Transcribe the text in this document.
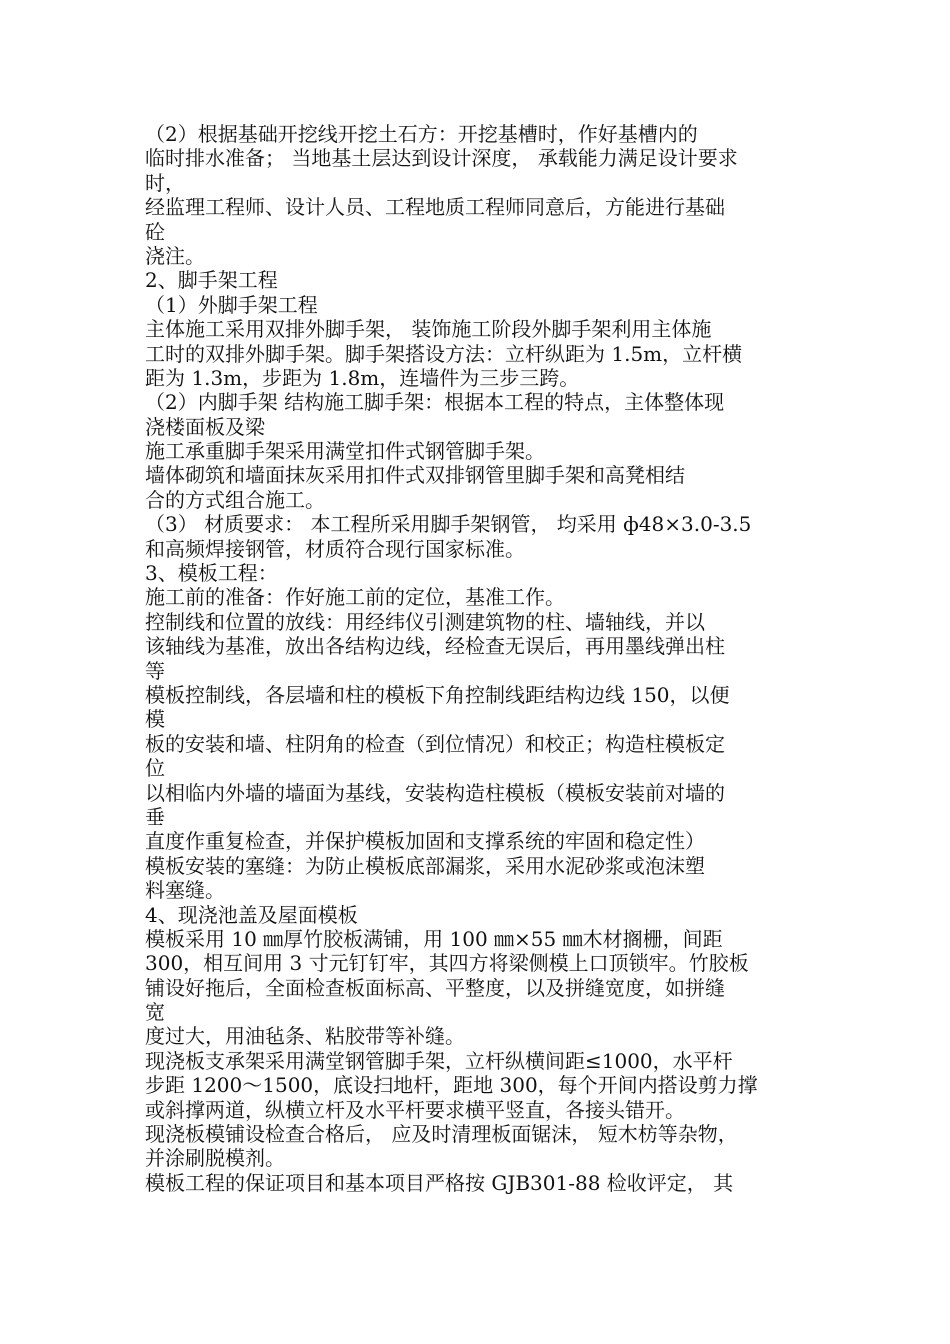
（2）根据基础开挖线开挖土石方：开挖基槽时，作好基槽内的
临时排水准备； 当地基土层达到设计深度， 承载能力满足设计要求
时，
经监理工程师、设计人员、工程地质工程师同意后，方能进行基础
砼
浇注。
2、脚手架工程
（1）外脚手架工程
主体施工采用双排外脚手架， 装饰施工阶段外脚手架利用主体施
工时的双排外脚手架。脚手架搭设方法：立杆纵距为 1.5m，立杆横
距为 1.3m，步距为 1.8m，连墙件为三步三跨。
（2）内脚手架 结构施工脚手架：根据本工程的特点，主体整体现
浇楼面板及梁
施工承重脚手架采用满堂扣件式钢管脚手架。
墙体砌筑和墙面抹灰采用扣件式双排钢管里脚手架和高凳相结
合的方式组合施工。
（3） 材质要求： 本工程所采用脚手架钢管， 均采用 ф48×3.0-3.5
和高频焊接钢管，材质符合现行国家标准。
3、模板工程：
施工前的准备：作好施工前的定位，基准工作。
控制线和位置的放线：用经纬仪引测建筑物的柱、墙轴线，并以
该轴线为基准，放出各结构边线，经检查无误后，再用墨线弹出柱
等
模板控制线，各层墙和柱的模板下角控制线距结构边线 150，以便
模
板的安装和墙、柱阴角的检查（到位情况）和校正；构造柱模板定
位
以相临内外墙的墙面为基线，安装构造柱模板（模板安装前对墙的
垂
直度作重复检查，并保护模板加固和支撑系统的牢固和稳定性）
模板安装的塞缝：为防止模板底部漏浆，采用水泥砂浆或泡沫塑
料塞缝。
4、现浇池盖及屋面模板
模板采用 10 ㎜厚竹胶板满铺，用 100 ㎜×55 ㎜木材搁栅，间距
300，相互间用 3 寸元钉钉牢，其四方将梁侧模上口顶锁牢。竹胶板
铺设好拖后，全面检查板面标高、平整度，以及拼缝宽度，如拼缝
宽
度过大，用油毡条、粘胶带等补缝。
现浇板支承架采用满堂钢管脚手架，立杆纵横间距≤1000，水平杆
步距 1200～1500，底设扫地杆，距地 300，每个开间内搭设剪力撑
或斜撑两道，纵横立杆及水平杆要求横平竖直，各接头错开。
现浇板模铺设检查合格后， 应及时清理板面锯沫， 短木枋等杂物，
并涂刷脱模剂。
模板工程的保证项目和基本项目严格按 GJB301-88 检收评定， 其
